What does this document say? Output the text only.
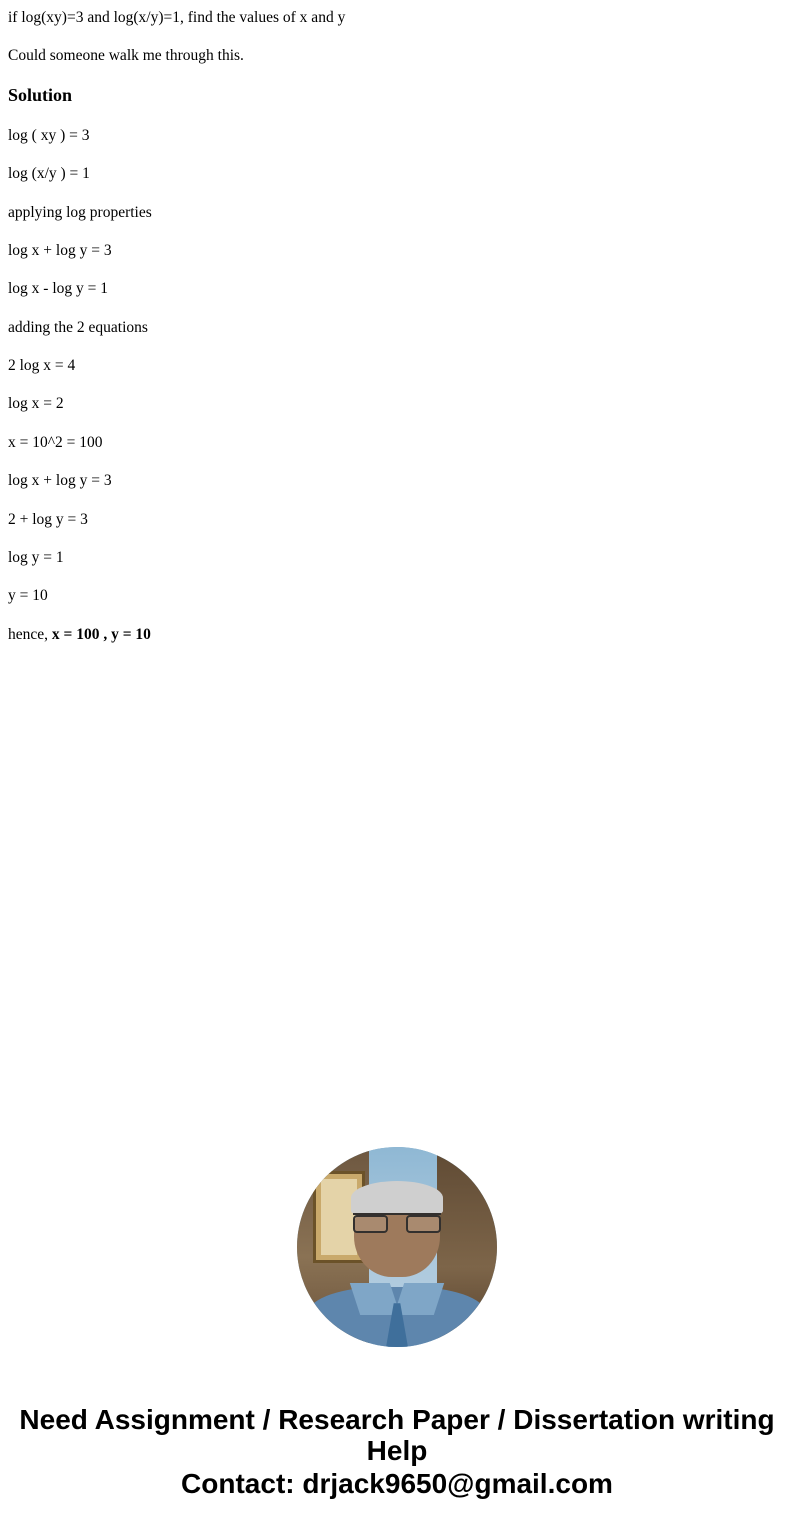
if log(xy)=3 and log(x/y)=1, find the values of x and y

Could someone walk me through this.

Solution

log ( xy ) = 3

log (x/y ) = 1

applying log properties

log x + log y = 3

log x - log y = 1

adding the 2 equations

2 log x = 4

log x = 2

x = 10^2 = 100

log x + log y = 3

2 + log y = 3

log y = 1

y = 10

hence, x = 100 , y = 10

Need Assignment / Research Paper / Dissertation writing Help
Contact: drjack9650@gmail.com
